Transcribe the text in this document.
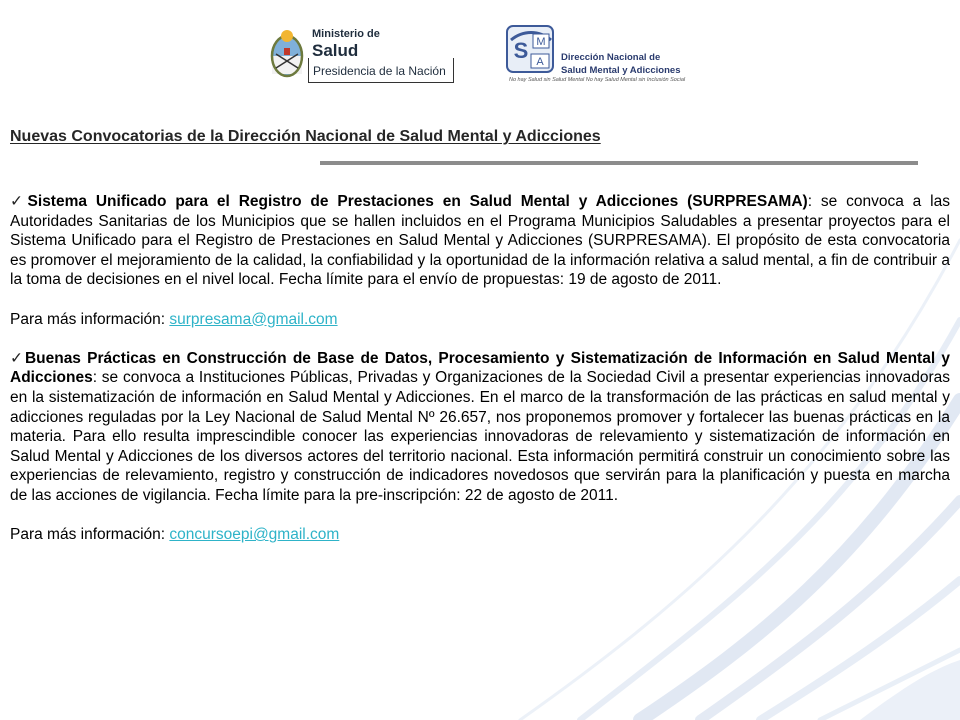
Ministerio de
Salud
Presidencia de la Nación
M
S A Dirección Nacional de
Salud Mental y Adicciones
No hay Salud sin Salud Mental No hay Salud Mental sin Inclusión Social
Nuevas Convocatorias de la Dirección Nacional de Salud Mental y Adicciones

✓Sistema Unificado para el Registro de Prestaciones en Salud Mental y Adicciones (SURPRESAMA): se convoca a las Autoridades Sanitarias de los Municipios que se hallen incluidos en el Programa Municipios Saludables a presentar proyectos para el Sistema Unificado para el Registro de Prestaciones en Salud Mental y Adicciones (SURPRESAMA). El propósito de esta convocatoria es promover el mejoramiento de la calidad, la confiabilidad y la oportunidad de la información relativa a salud mental, a fin de contribuir a la toma de decisiones en el nivel local. Fecha límite para el envío de propuestas: 19 de agosto de 2011.

Para más información: surpresama@gmail.com

✓Buenas Prácticas en Construcción de Base de Datos, Procesamiento y Sistematización de Información en Salud Mental y Adicciones: se convoca a Instituciones Públicas, Privadas y Organizaciones de la Sociedad Civil a presentar experiencias innovadoras en la sistematización de información en Salud Mental y Adicciones. En el marco de la transformación de las prácticas en salud mental y adicciones reguladas por la Ley Nacional de Salud Mental Nº 26.657, nos proponemos promover y fortalecer las buenas prácticas en la materia. Para ello resulta imprescindible conocer las experiencias innovadoras de relevamiento y sistematización de información en Salud Mental y Adicciones de los diversos actores del territorio nacional. Esta información permitirá construir un conocimiento sobre las experiencias de relevamiento, registro y construcción de indicadores novedosos que servirán para la planificación y puesta en marcha de las acciones de vigilancia. Fecha límite para la pre-inscripción: 22 de agosto de 2011.

Para más información: concursoepi@gmail.com
